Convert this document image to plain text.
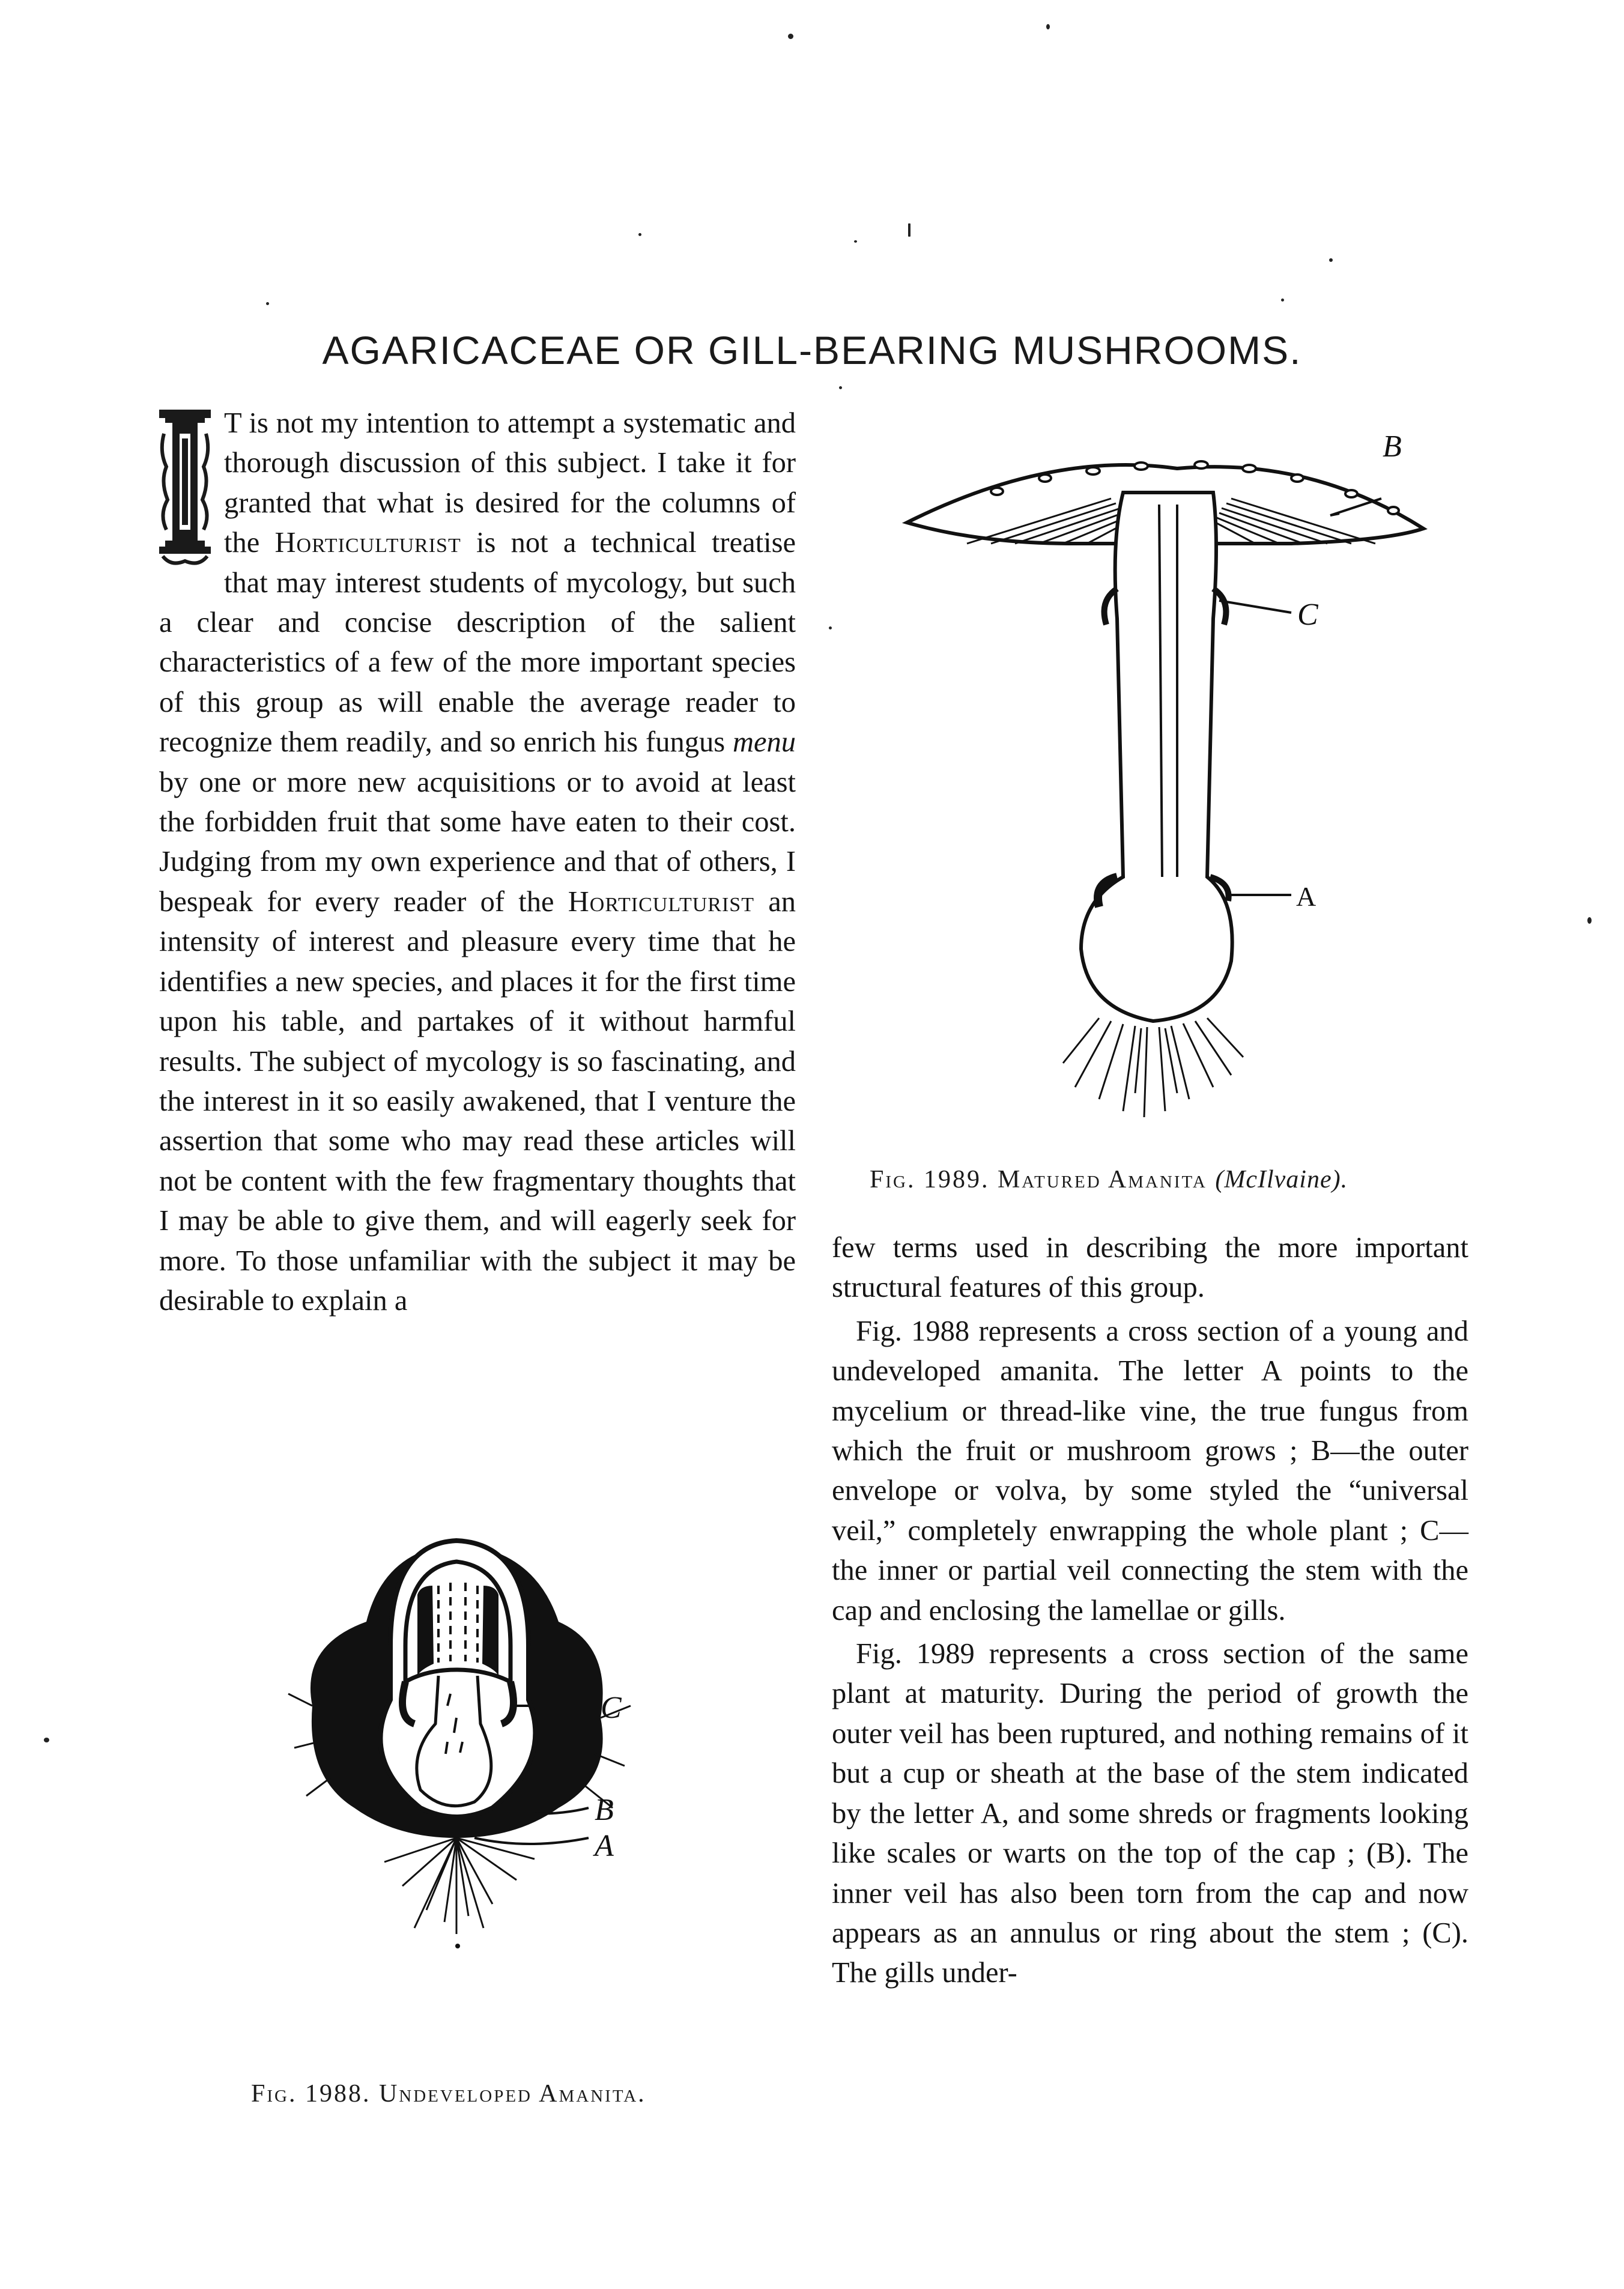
AGARICACEAE OR GILL-BEARING MUSHROOMS.

T is not my intention to attempt a systematic and thorough discussion of this subject. I take it for granted that what is desired for the columns of the Horticulturist is not a technical treatise that may interest students of mycology, but such a clear and concise description of the salient characteristics of a few of the more important species of this group as will enable the average reader to recognize them readily, and so enrich his fungus menu by one or more new acquisitions or to avoid at least the forbidden fruit that some have eaten to their cost. Judging from my own experience and that of others, I bespeak for every reader of the Horticulturist an intensity of interest and pleasure every time that he identifies a new species, and places it for the first time upon his table, and partakes of it without harmful results. The subject of mycology is so fascinating, and the interest in it so easily awakened, that I venture the assertion that some who may read these articles will not be content with the few fragmentary thoughts that I may be able to give them, and will eagerly seek for more. To those unfamiliar with the subject it may be desirable to explain a

B
C
A
Fig. 1989. Matured Amanita (McIlvaine).

few terms used in describing the more important structural features of this group.

Fig. 1988 represents a cross section of a young and undeveloped amanita. The letter A points to the mycelium or thread-like vine, the true fungus from which the fruit or mushroom grows ; B—the outer envelope or volva, by some styled the “universal veil,” completely enwrapping the whole plant ; C—the inner or partial veil connecting the stem with the cap and enclosing the lamellae or gills.

Fig. 1989 represents a cross section of the same plant at maturity. During the period of growth the outer veil has been ruptured, and nothing remains of it but a cup or sheath at the base of the stem indicated by the letter A, and some shreds or fragments looking like scales or warts on the top of the cap ; (B). The inner veil has also been torn from the cap and now appears as an annulus or ring about the stem ; (C). The gills under-

C
B
A
Fig. 1988. Undeveloped Amanita.
